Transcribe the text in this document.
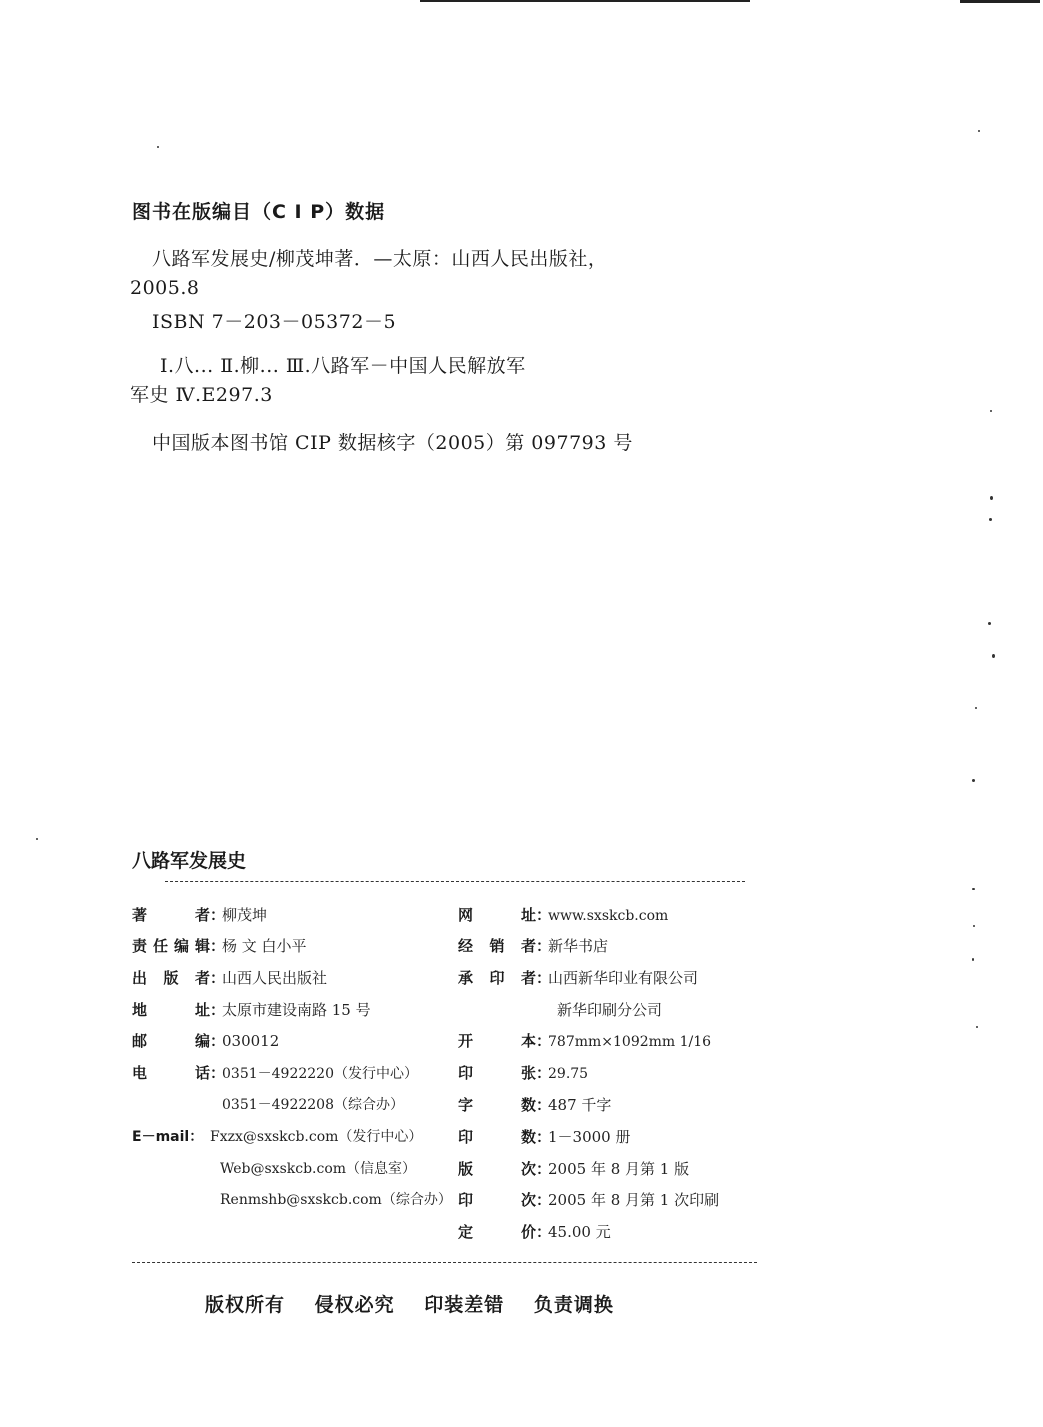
图书在版编目（C I P）数据
八路军发展史/柳茂坤著．—太原：山西人民出版社，
2005.8
ISBN 7－203－05372－5
Ⅰ.八... Ⅱ.柳... Ⅲ.八路军－中国人民解放军
军史 Ⅳ.E297.3
中国版本图书馆 CIP 数据核字（2005）第 097793 号
八路军发展史
著者 ：
柳茂坤
责任编辑 ：
杨 文 白小平
出版者 ：
山西人民出版社
地址 ：
太原市建设南路 15 号
邮编 ：
030012
电话 ：
0351－4922220（发行中心）
0351－4922208（综合办）
E－mail： Fxzx@sxskcb.com（发行中心）
Web@sxskcb.com（信息室）
Renmshb@sxskcb.com（综合办）
网址 ：
www.sxskcb.com
经销者 ：
新华书店
承印者 ：
山西新华印业有限公司
新华印刷分公司
开本 ：
787mm×1092mm 1/16
印张 ：
29.75
字数 ：
487 千字
印数 ：
1－3000 册
版次 ：
2005 年 8 月第 1 版
印次 ：
2005 年 8 月第 1 次印刷
定价 ：
45.00 元
版权所有 侵权必究 印装差错 负责调换
